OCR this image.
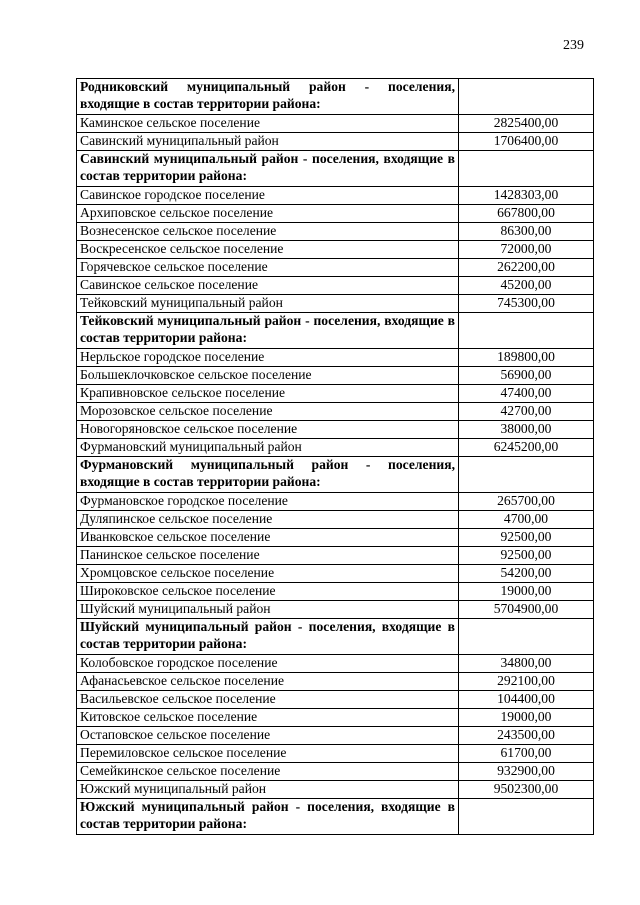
239
Родниковский муниципальный район - поселения, входящие в состав территории района:	
Каминское сельское поселение	2825400,00
Савинский муниципальный район	1706400,00
Савинский муниципальный район - поселения, входящие в состав территории района:	
Савинское городское поселение	1428303,00
Архиповское сельское поселение	667800,00
Вознесенское сельское поселение	86300,00
Воскресенское сельское поселение	72000,00
Горячевское сельское поселение	262200,00
Савинское сельское поселение	45200,00
Тейковский муниципальный район	745300,00
Тейковский муниципальный район - поселения, входящие в состав территории района:	
Нерльское городское поселение	189800,00
Большеклочковское сельское поселение	56900,00
Крапивновское сельское поселение	47400,00
Морозовское сельское поселение	42700,00
Новогоряновское сельское поселение	38000,00
Фурмановский муниципальный район	6245200,00
Фурмановский муниципальный район - поселения, входящие в состав территории района:	
Фурмановское городское поселение	265700,00
Дуляпинское сельское поселение	4700,00
Иванковское сельское поселение	92500,00
Панинское сельское поселение	92500,00
Хромцовское сельское поселение	54200,00
Широковское сельское поселение	19000,00
Шуйский муниципальный район	5704900,00
Шуйский муниципальный район - поселения, входящие в состав территории района:	
Колобовское городское поселение	34800,00
Афанасьевское сельское поселение	292100,00
Васильевское сельское поселение	104400,00
Китовское сельское поселение	19000,00
Остаповское сельское поселение	243500,00
Перемиловское сельское поселение	61700,00
Семейкинское сельское поселение	932900,00
Южский муниципальный район	9502300,00
Южский муниципальный район - поселения, входящие в состав территории района:	
